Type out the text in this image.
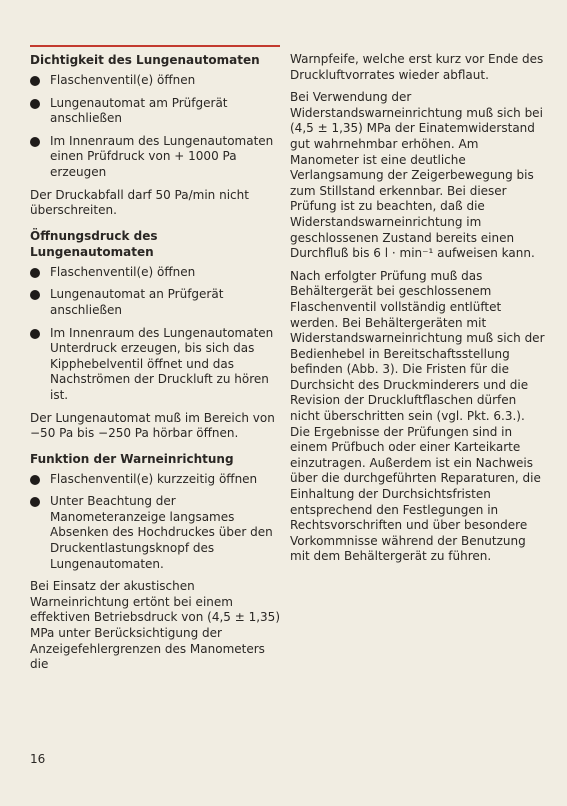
Dichtigkeit des Lungenautomaten
Flaschenventil(e) öffnen
Lungenautomat am Prüfgerät anschließen
Im Innenraum des Lungenautomaten einen Prüfdruck von + 1000 Pa erzeugen

Der Druckabfall darf 50 Pa/min nicht überschreiten.

Öffnungsdruck des Lungenautomaten
Flaschenventil(e) öffnen
Lungenautomat an Prüfgerät anschließen
Im Innenraum des Lungenautomaten Unterdruck erzeugen, bis sich das Kipphebelventil öffnet und das Nachströmen der Druckluft zu hören ist.

Der Lungenautomat muß im Bereich von −50 Pa bis −250 Pa hörbar öffnen.

Funktion der Warneinrichtung
Flaschenventil(e) kurzzeitig öffnen
Unter Beachtung der Manometeranzeige langsames Absenken des Hochdruckes über den Druckentlastungsknopf des Lungenautomaten.

Bei Einsatz der akustischen Warneinrichtung ertönt bei einem effektiven Betriebsdruck von (4,5 ± 1,35) MPa unter Berücksichtigung der Anzeigefehlergrenzen des Manometers die

Warnpfeife, welche erst kurz vor Ende des Druckluftvorrates wieder abflaut.

Bei Verwendung der Widerstandswarneinrichtung muß sich bei (4,5 ± 1,35) MPa der Einatemwiderstand gut wahrnehmbar erhöhen. Am Manometer ist eine deutliche Verlangsamung der Zeigerbewegung bis zum Stillstand erkennbar. Bei dieser Prüfung ist zu beachten, daß die Widerstandswarneinrichtung im geschlossenen Zustand bereits einen Durchfluß bis 6 l · min⁻¹ aufweisen kann.

Nach erfolgter Prüfung muß das Behältergerät bei geschlossenem Flaschenventil vollständig entlüftet werden. Bei Behältergeräten mit Widerstandswarneinrichtung muß sich der Bedienhebel in Bereitschaftsstellung befinden (Abb. 3). Die Fristen für die Durchsicht des Druckminderers und die Revision der Druckluftflaschen dürfen nicht überschritten sein (vgl. Pkt. 6.3.). Die Ergebnisse der Prüfungen sind in einem Prüfbuch oder einer Karteikarte einzutragen. Außerdem ist ein Nachweis über die durchgeführten Reparaturen, die Einhaltung der Durchsichtsfristen entsprechend den Festlegungen in Rechtsvorschriften und über besondere Vorkommnisse während der Benutzung mit dem Behältergerät zu führen.

16
